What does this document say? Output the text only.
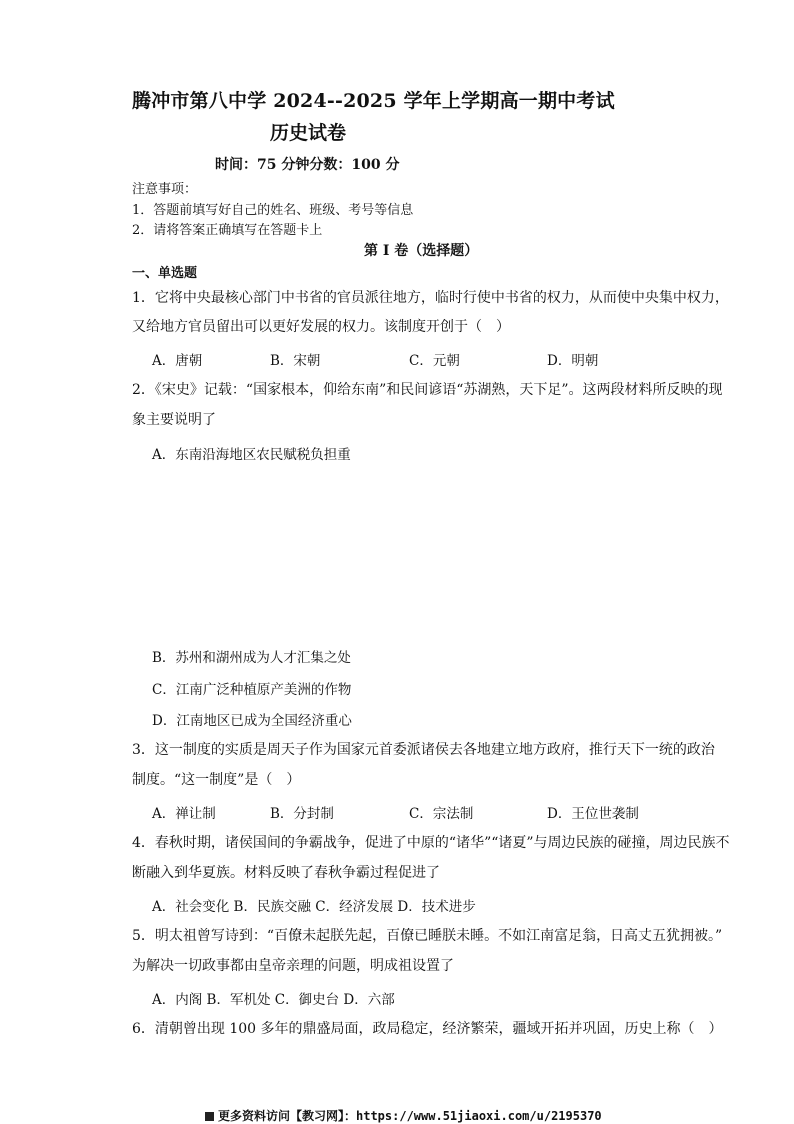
腾冲市第八中学 2024--2025 学年上学期高一期中考试
历史试卷
时间：75 分钟分数：100 分
注意事项：
1．答题前填写好自己的姓名、班级、考号等信息
2．请将答案正确填写在答题卡上
第 I 卷（选择题）
一、单选题
1．它将中央最核心部门中书省的官员派往地方，临时行使中书省的权力，从而使中央集中权力，
又给地方官员留出可以更好发展的权力。该制度开创于（　）
A．唐朝	B．宋朝	C．元朝	D．明朝
2．《宋史》记载：“国家根本，仰给东南”和民间谚语“苏湖熟，天下足”。这两段材料所反映的现
象主要说明了
A．东南沿海地区农民赋税负担重
B．苏州和湖州成为人才汇集之处
C．江南广泛种植原产美洲的作物
D．江南地区已成为全国经济重心
3．这一制度的实质是周天子作为国家元首委派诸侯去各地建立地方政府，推行天下一统的政治
制度。“这一制度”是（　）
A．禅让制	B．分封制	C．宗法制	D．王位世袭制
4．春秋时期，诸侯国间的争霸战争，促进了中原的“诸华”“诸夏”与周边民族的碰撞，周边民族不
断融入到华夏族。材料反映了春秋争霸过程促进了
A．社会变化 B．民族交融 C．经济发展 D．技术进步
5．明太祖曾写诗到：“百僚未起朕先起，百僚已睡朕未睡。不如江南富足翁，日高丈五犹拥被。”
为解决一切政事都由皇帝亲理的问题，明成祖设置了
A．内阁 B．军机处 C．御史台 D．六部
6．清朝曾出现 100 多年的鼎盛局面，政局稳定，经济繁荣，疆域开拓并巩固，历史上称（　）
更多资料访问【教习网】：https://www.51jiaoxi.com/u/2195370
